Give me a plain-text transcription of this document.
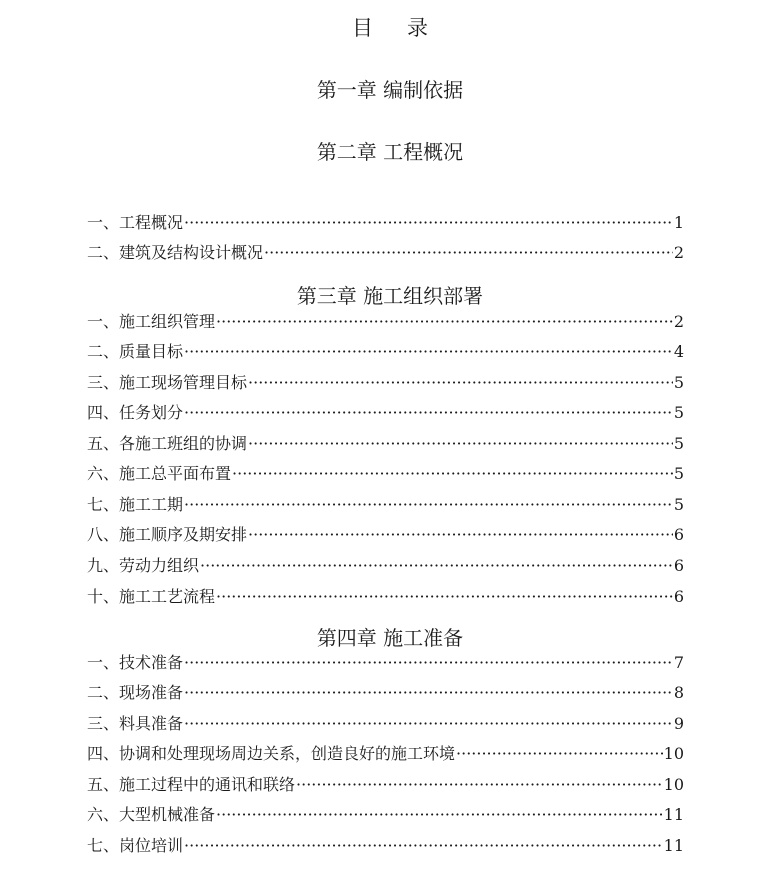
目 录
第一章 编制依据
第二章 工程概况
一、工程概况 ·····	1
二、建筑及结构设计概况 ·····	2
第三章 施工组织部署
一、施工组织管理 ·····	2
二、质量目标 ·····	4
三、施工现场管理目标 ·····	5
四、任务划分 ·····	5
五、各施工班组的协调 ·····	5
六、施工总平面布置 ·····	5
七、施工工期 ·····	5
八、施工顺序及期安排 ·····	6
九、劳动力组织 ·····	6
十、施工工艺流程 ·····	6
第四章 施工准备
一、技术准备 ·····	7
二、现场准备 ·····	8
三、料具准备 ·····	9
四、协调和处理现场周边关系，创造良好的施工环境 ·····	10
五、施工过程中的通讯和联络 ·····	10
六、大型机械准备 ·····	11
七、岗位培训 ·····	11
